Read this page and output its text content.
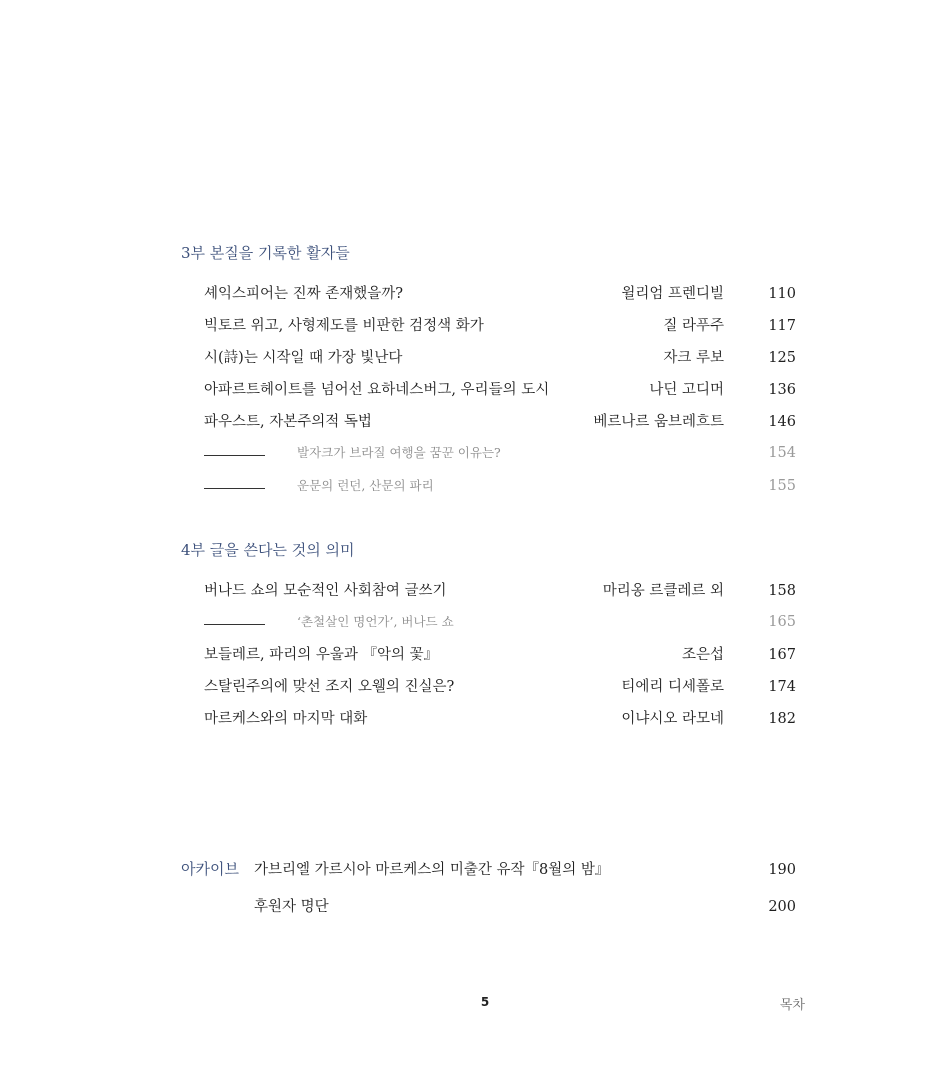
3부 본질을 기록한 활자들
셰익스피어는 진짜 존재했을까?	윌리엄 프렌디빌	110
빅토르 위고, 사형제도를 비판한 검정색 화가	질 라푸주	117
시(詩)는 시작일 때 가장 빛난다	자크 루보	125
아파르트헤이트를 넘어선 요하네스버그, 우리들의 도시	나딘 고디머	136
파우스트, 자본주의적 독법	베르나르 움브레흐트	146
발자크가 브라질 여행을 꿈꾼 이유는?	154
운문의 런던, 산문의 파리	155
4부 글을 쓴다는 것의 의미
버나드 쇼의 모순적인 사회참여 글쓰기	마리옹 르클레르 외	158
‘촌철살인 명언가’, 버나드 쇼	165
보들레르, 파리의 우울과 『악의 꽃』	조은섭	167
스탈린주의에 맞선 조지 오웰의 진실은?	티에리 디세폴로	174
마르케스와의 마지막 대화	이냐시오 라모네	182
아카이브 가브리엘 가르시아 마르케스의 미출간 유작『8월의 밤』	190
후원자 명단	200
5	목차
